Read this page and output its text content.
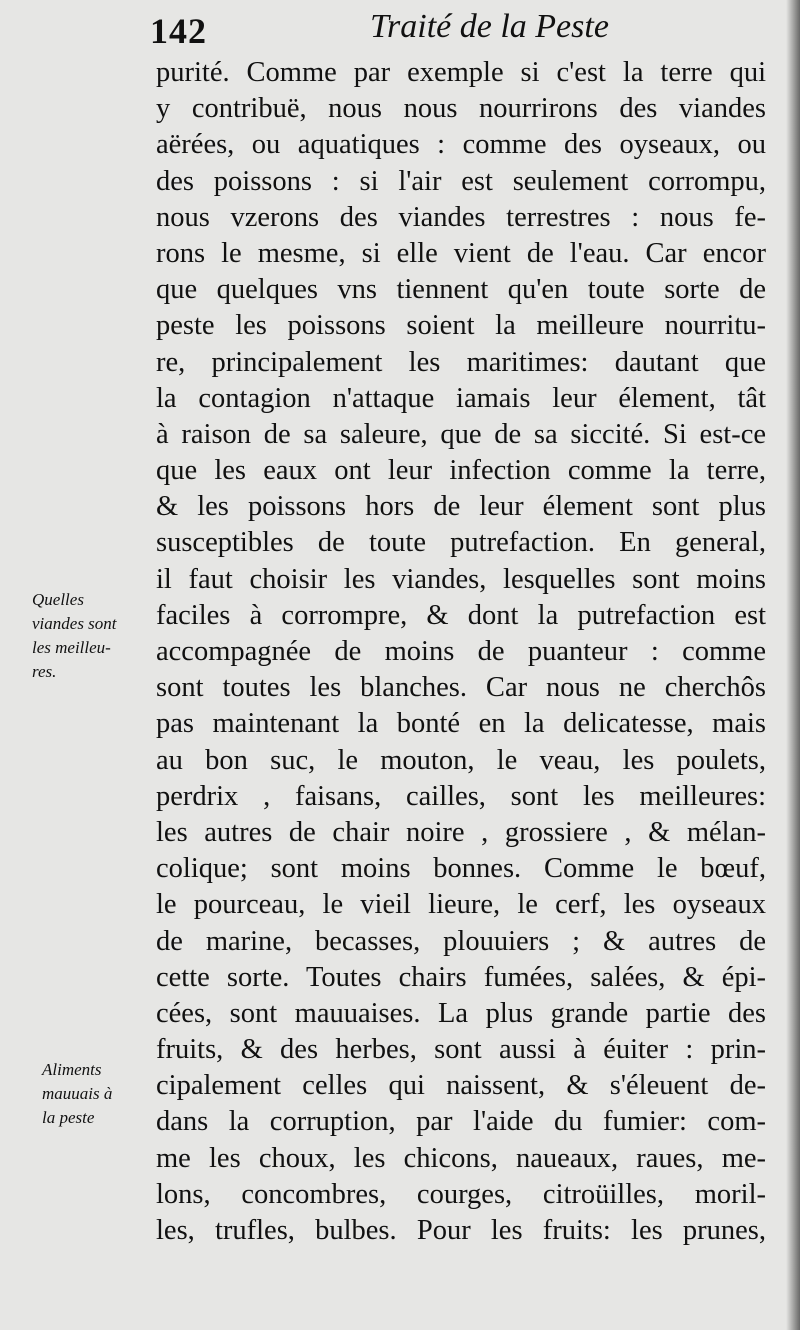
142	Traité de la Peste
purité. Comme par exemple si c'est la terre qui
y contribuë, nous nous nourrirons des viandes
aërées, ou aquatiques : comme des oyseaux, ou
des poissons : si l'air est seulement corrompu,
nous vzerons des viandes terrestres : nous fe-
rons le mesme, si elle vient de l'eau. Car encor
que quelques vns tiennent qu'en toute sorte de
peste les poissons soient la meilleure nourritu-
re, principalement les maritimes: dautant que
la contagion n'attaque iamais leur élement, tât
à raison de sa saleure, que de sa siccité. Si est-ce
que les eaux ont leur infection comme la terre,
& les poissons hors de leur élement sont plus
susceptibles de toute putrefaction. En general,
il faut choisir les viandes, lesquelles sont moins
faciles à corrompre, & dont la putrefaction est
accompagnée de moins de puanteur : comme
sont toutes les blanches. Car nous ne cherchôs
pas maintenant la bonté en la delicatesse, mais
au bon suc, le mouton, le veau, les poulets,
perdrix , faisans, cailles, sont les meilleures:
les autres de chair noire , grossiere , & mélan-
colique; sont moins bonnes. Comme le bœuf,
le pourceau, le vieil lieure, le cerf, les oyseaux
de marine, becasses, plouuiers ; & autres de
cette sorte. Toutes chairs fumées, salées, & épi-
cées, sont mauuaises. La plus grande partie des
fruits, & des herbes, sont aussi à éuiter : prin-
cipalement celles qui naissent, & s'éleuent de-
dans la corruption, par l'aide du fumier: com-
me les choux, les chicons, naueaux, raues, me-
lons, concombres, courges, citroüilles, moril-
les, trufles, bulbes. Pour les fruits: les prunes,
Quelles
viandes sont
les meilleu-
res.
Aliments
mauuais à
la peste
